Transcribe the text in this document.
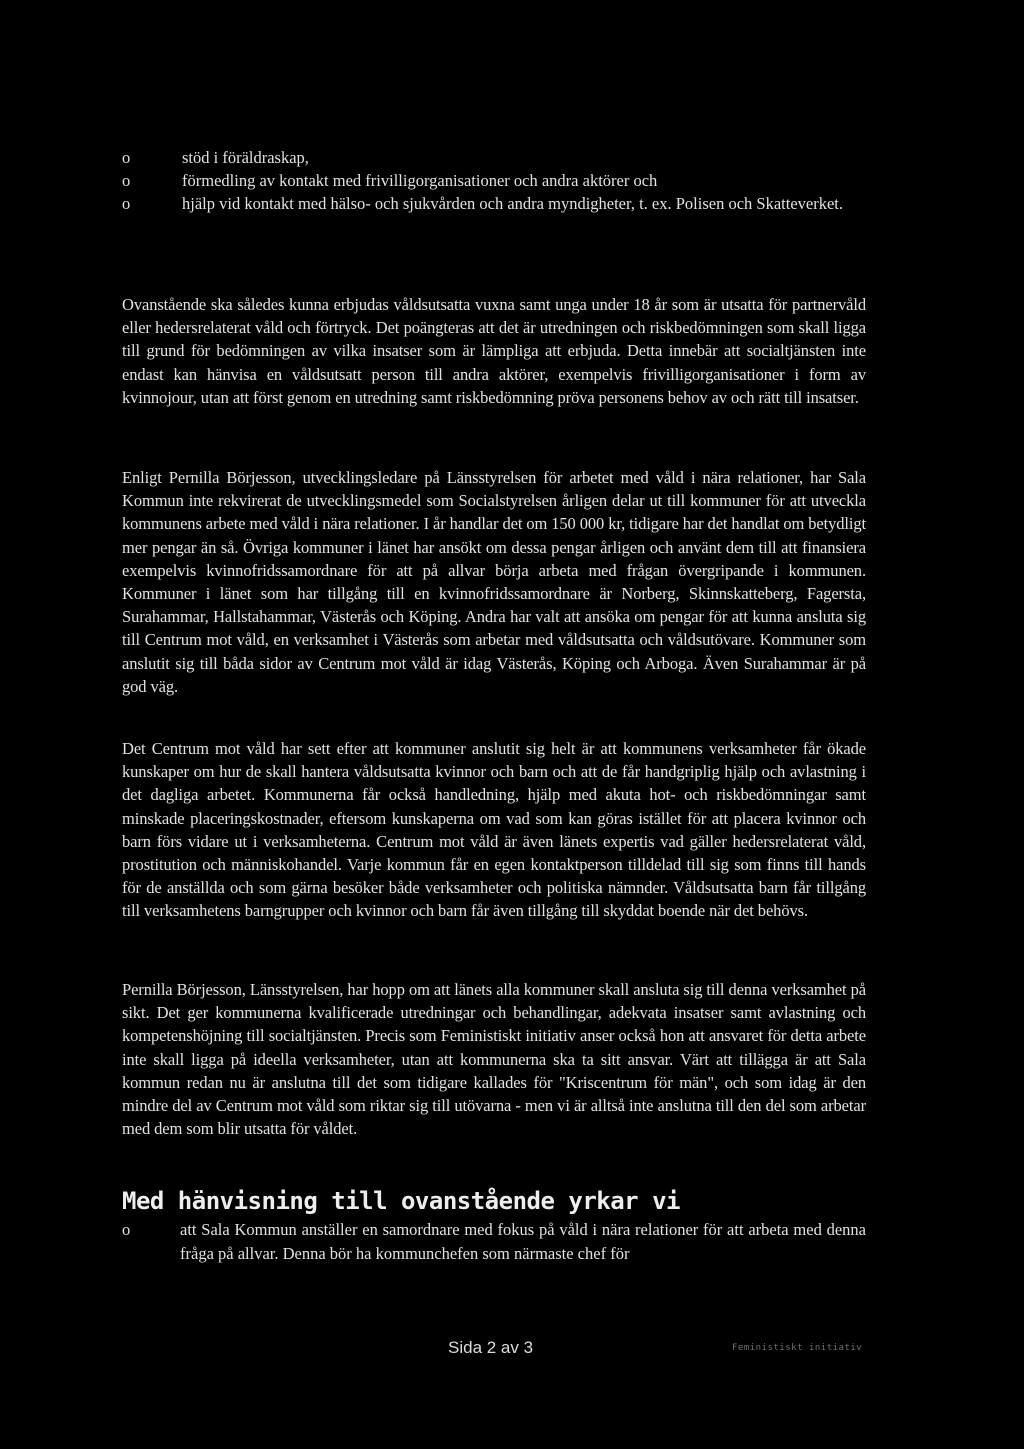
o	stöd i föräldraskap,
o	förmedling av kontakt med frivilligorganisationer och andra aktörer och
o	hjälp vid kontakt med hälso- och sjukvården och andra myndigheter, t. ex. Polisen och Skatteverket.

Ovanstående ska således kunna erbjudas våldsutsatta vuxna samt unga under 18 år som är utsatta för partnervåld eller hedersrelaterat våld och förtryck. Det poängteras att det är utredningen och riskbedömningen som skall ligga till grund för bedömningen av vilka insatser som är lämpliga att erbjuda. Detta innebär att socialtjänsten inte endast kan hänvisa en våldsutsatt person till andra aktörer, exempelvis frivilligorganisationer i form av kvinnojour, utan att först genom en utredning samt riskbedömning pröva personens behov av och rätt till insatser.

Enligt Pernilla Börjesson, utvecklingsledare på Länsstyrelsen för arbetet med våld i nära relationer, har Sala Kommun inte rekvirerat de utvecklingsmedel som Socialstyrelsen årligen delar ut till kommuner för att utveckla kommunens arbete med våld i nära relationer. I år handlar det om 150 000 kr, tidigare har det handlat om betydligt mer pengar än så. Övriga kommuner i länet har ansökt om dessa pengar årligen och använt dem till att finansiera exempelvis kvinnofridssamordnare för att på allvar börja arbeta med frågan övergripande i kommunen. Kommuner i länet som har tillgång till en kvinnofridssamordnare är Norberg, Skinnskatteberg, Fagersta, Surahammar, Hallstahammar, Västerås och Köping. Andra har valt att ansöka om pengar för att kunna ansluta sig till Centrum mot våld, en verksamhet i Västerås som arbetar med våldsutsatta och våldsutövare. Kommuner som anslutit sig till båda sidor av Centrum mot våld är idag Västerås, Köping och Arboga. Även Surahammar är på god väg.

Det Centrum mot våld har sett efter att kommuner anslutit sig helt är att kommunens verksamheter får ökade kunskaper om hur de skall hantera våldsutsatta kvinnor och barn och att de får handgriplig hjälp och avlastning i det dagliga arbetet. Kommunerna får också handledning, hjälp med akuta hot- och riskbedömningar samt minskade placeringskostnader, eftersom kunskaperna om vad som kan göras istället för att placera kvinnor och barn förs vidare ut i verksamheterna. Centrum mot våld är även länets expertis vad gäller hedersrelaterat våld, prostitution och människohandel. Varje kommun får en egen kontaktperson tilldelad till sig som finns till hands för de anställda och som gärna besöker både verksamheter och politiska nämnder. Våldsutsatta barn får tillgång till verksamhetens barngrupper och kvinnor och barn får även tillgång till skyddat boende när det behövs.

Pernilla Börjesson, Länsstyrelsen, har hopp om att länets alla kommuner skall ansluta sig till denna verksamhet på sikt. Det ger kommunerna kvalificerade utredningar och behandlingar, adekvata insatser samt avlastning och kompetenshöjning till socialtjänsten. Precis som Feministiskt initiativ anser också hon att ansvaret för detta arbete inte skall ligga på ideella verksamheter, utan att kommunerna ska ta sitt ansvar. Värt att tillägga är att Sala kommun redan nu är anslutna till det som tidigare kallades för "Kriscentrum för män", och som idag är den mindre del av Centrum mot våld som riktar sig till utövarna - men vi är alltså inte anslutna till den del som arbetar med dem som blir utsatta för våldet.

Med hänvisning till ovanstående yrkar vi
o	att Sala Kommun anställer en samordnare med fokus på våld i nära relationer för att arbeta med denna fråga på allvar. Denna bör ha kommunchefen som närmaste chef för
Sida 2 av 3	Feministiskt initiativ
